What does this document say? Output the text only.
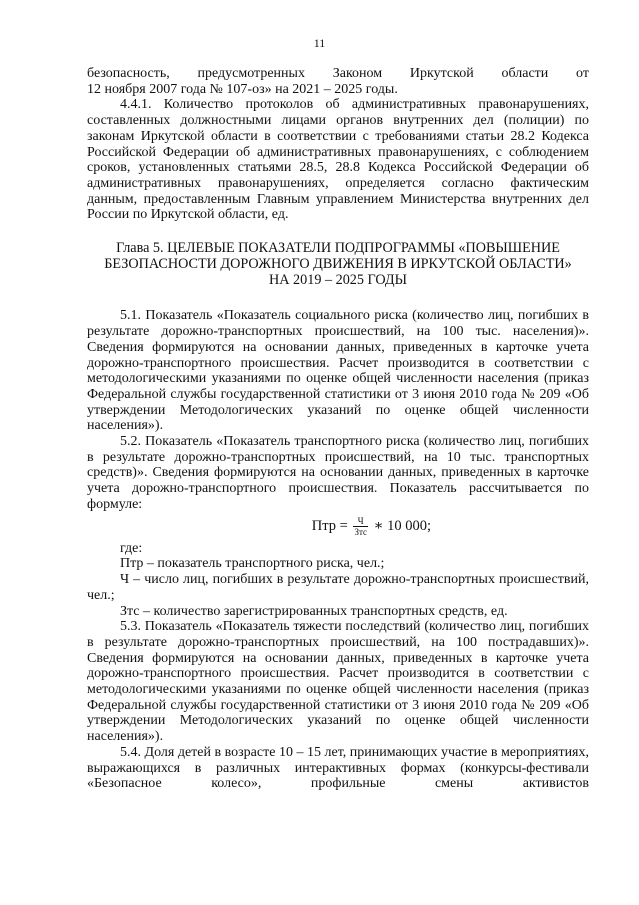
11

безопасность, предусмотренных Законом Иркутской области от

12 ноября 2007 года № 107-оз» на 2021 – 2025 годы.

4.4.1. Количество протоколов об административных правонарушениях, составленных должностными лицами органов внутренних дел (полиции) по законам Иркутской области в соответствии с требованиями статьи 28.2 Кодекса Российской Федерации об административных правонарушениях, с соблюдением сроков, установленных статьями 28.5, 28.8 Кодекса Российской Федерации об административных правонарушениях, определяется согласно фактическим данным, предоставленным Главным управлением Министерства внутренних дел России по Иркутской области, ед.

Глава 5. ЦЕЛЕВЫЕ ПОКАЗАТЕЛИ ПОДПРОГРАММЫ «ПОВЫШЕНИЕ
БЕЗОПАСНОСТИ ДОРОЖНОГО ДВИЖЕНИЯ В ИРКУТСКОЙ ОБЛАСТИ»
НА 2019 – 2025 ГОДЫ

5.1. Показатель «Показатель социального риска (количество лиц, погибших в результате дорожно-транспортных происшествий, на 100 тыс. населения)». Сведения формируются на основании данных, приведенных в карточке учета дорожно-транспортного происшествия. Расчет производится в соответствии с методологическими указаниями по оценке общей численности населения (приказ Федеральной службы государственной статистики от 3 июня 2010 года № 209 «Об утверждении Методологических указаний по оценке общей численности населения»).

5.2. Показатель «Показатель транспортного риска (количество лиц, погибших в результате дорожно-транспортных происшествий, на 10 тыс. транспортных средств)». Сведения формируются на основании данных, приведенных в карточке учета дорожно-транспортного происшествия. Показатель рассчитывается по формуле:

Птр = $\frac{Ч}{\text{Зтс}}$ ∗ 10 000;

где:

Птр – показатель транспортного риска, чел.;

Ч – число лиц, погибших в результате дорожно-транспортных происшествий, чел.;

Зтс – количество зарегистрированных транспортных средств, ед.

5.3. Показатель «Показатель тяжести последствий (количество лиц, погибших в результате дорожно-транспортных происшествий, на 100 пострадавших)». Сведения формируются на основании данных, приведенных в карточке учета дорожно-транспортного происшествия. Расчет производится в соответствии с методологическими указаниями по оценке общей численности населения (приказ Федеральной службы государственной статистики от 3 июня 2010 года № 209 «Об утверждении Методологических указаний по оценке общей численности населения»).

5.4. Доля детей в возрасте 10 – 15 лет, принимающих участие в мероприятиях, выражающихся в различных интерактивных формах (конкурсы-фестивали «Безопасное колесо», профильные смены активистов
